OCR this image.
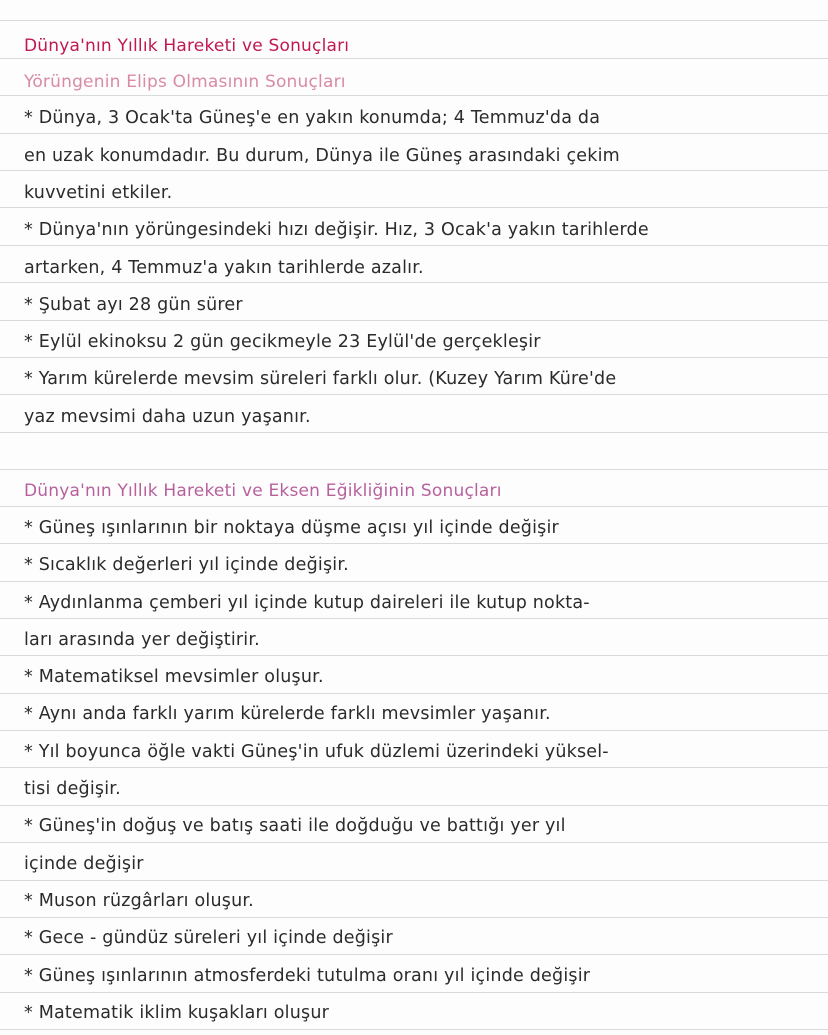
Dünya'nın Yıllık Hareketi ve Sonuçları
Yörüngenin Elips Olmasının Sonuçları
* Dünya, 3 Ocak'ta Güneş'e en yakın konumda; 4 Temmuz'da da
en uzak konumdadır. Bu durum, Dünya ile Güneş arasındaki çekim
kuvvetini etkiler.
* Dünya'nın yörüngesindeki hızı değişir. Hız, 3 Ocak'a yakın tarihlerde
artarken, 4 Temmuz'a yakın tarihlerde azalır.
* Şubat ayı 28 gün sürer
* Eylül ekinoksu 2 gün gecikmeyle 23 Eylül'de gerçekleşir
* Yarım kürelerde mevsim süreleri farklı olur. (Kuzey Yarım Küre'de
yaz mevsimi daha uzun yaşanır.
Dünya'nın Yıllık Hareketi ve Eksen Eğikliğinin Sonuçları
* Güneş ışınlarının bir noktaya düşme açısı yıl içinde değişir
* Sıcaklık değerleri yıl içinde değişir.
* Aydınlanma çemberi yıl içinde kutup daireleri ile kutup nokta-
ları arasında yer değiştirir.
* Matematiksel mevsimler oluşur.
* Aynı anda farklı yarım kürelerde farklı mevsimler yaşanır.
* Yıl boyunca öğle vakti Güneş'in ufuk düzlemi üzerindeki yüksel-
tisi değişir.
* Güneş'in doğuş ve batış saati ile doğduğu ve battığı yer yıl
içinde değişir
* Muson rüzgârları oluşur.
* Gece - gündüz süreleri yıl içinde değişir
* Güneş ışınlarının atmosferdeki tutulma oranı yıl içinde değişir
* Matematik iklim kuşakları oluşur
